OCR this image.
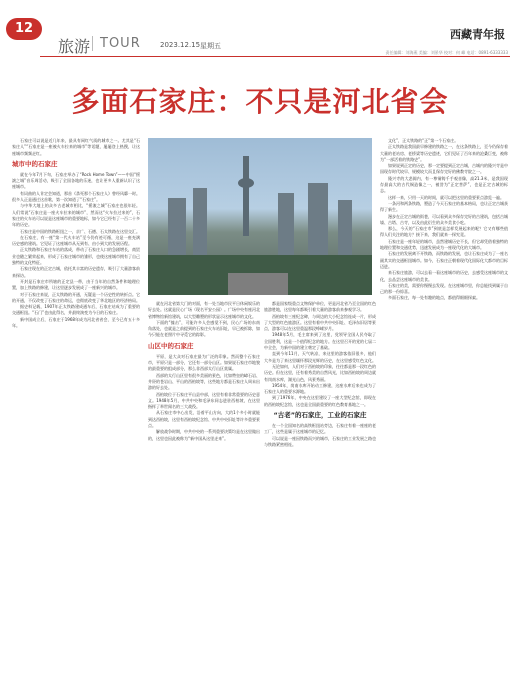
12
旅游 TOUR	2023.12.15 星期五
西藏青年报
责任编辑：刘海燕 美编：刘景华 校对：何 峰 电话：0891-6333333
多面石家庄：不只是河北省会

石家庄可以说是近几年来，最具有网红气质的城市之一。尤其是“石家庄人”“石家庄是一座被火车拉来的城市”等话题，屡屡登上热搜，让这座城市频频走红。

城市中的石家庄

就在今年7月下旬，石家庄举办了“Rock Home Town”——中国“摇滚之城”音乐周活动，吸引了全国各地的乐迷，也让更多人重新认识了这座城市。

有词曲的人肯定会知道，那首《杀死那个石家庄人》曾经风靡一时。很多人正是通过这首歌，第一次知道了“石家庄”。

与中华大地上的众多古老城市相比，“摇滚之城”石家庄也很年轻。人们常说“石家庄是一座火车拉来的城市”，然而这“火车拉过来的”，石家庄的火车站可以说是这座城市的重要地标，如今它已经有了一百二十多年的历史。

石家庄是中国的铁路枢纽之一，京广、石德、石太铁路在这里交汇。

在石家庄，有一座“第一代火车站”至今仍有迹可循，这是一座充满历史感的建筑。它见证了这座城市从无到有、由小到大的发展历程。

正太铁路和石家庄车站的落成，带动了石家庄人口的急剧增长，商贸业也随之繁荣起来，形成了石家庄城市的雏形，也使这座城市拥有了自己独特的文化特征。

石家庄现在的正定古城，依托其丰富的历史遗存，吸引了大量游客前来探访。

开封是石家庄市所辖的正定县一带，由于当年的自然条件和地理位置，加上铁路的修建，让这里逐步发展成了一座新兴的城市。

对于石家庄来说，正太铁路的开通，无疑是一个历史性的转折点。它的开通，不仅改变了石家庄的命运，也彻底改变了华北地区的经济格局。

据史料记载，1907年正太铁路建成通车后，石家庄站成为了重要的交通枢纽。“石门”也由此得名，并最终演变为今日的石家庄。

新中国成立后，石家庄于1968年成为河北省省会，至今已有五十多年。

就在河北省第大门的对面，有一处当地市民平日休闲娱乐的好去处。这就是民心广场（现名平安公园）。广场中央有座河北省博物馆新馆建筑，以大型雕塑的形状显示这座城市的文化。

下面的“撞击”，可能许多人会感觉不到，民心广场的东南角落处，也就是之前提到的石家庄火车站旧址，早已被拆除，如今只能在老照片中寻觅它的踪影。

山区中的石家庄

平原，是大众对石家庄最为广泛的印象。然而整个石家庄市，平原只是一部分，它还有一部分山区。如果说石家庄市地貌的最重要的组成部分，那么非西部太行山区莫属。

西部的太行山区里有很多美丽的景色，比如赞皇的嶂石岩、井陉的苍岩山、平山的西柏坡等，这些地方都是石家庄人周末出游的好去处。

西柏坡位于石家庄平山县中部，这里有着非常重要的历史意义。1948年5月，中共中央和毛泽东同志进驻西柏坡，在这里指挥了举世闻名的三大战役。

从石家庄市中心出发，沿着平山方向，大约1个多小时就能到达西柏坡，这里有西柏坡纪念馆、中共中央旧址等许多重要景点。

解放战争时期，中共中央的一系列重要决策均是在这里做出的，这里也因此被称为“新中国从这里走来”。

都是国家级重点文物保护单位，更是河北省乃至全国的红色旅游胜地，这里每年都吸引着大量的游客前来参观学习。

西柏坡有三座纪念碑，与周边的大小纪念馆连成一片，形成了大型的红色旅游区。这里有着中共中央旧址、毛泽东旧居等景点，游客可以在这里重温那段峥嵘岁月。

1948年5月，毛主席来到了这里，党领导全国人民夺取了全国胜利，这是一个值得纪念的地方。在这里召开的党的七届二中全会，为新中国的建立奠定了基础。

直到今年11月，天气转凉，来这里的游客依旧很多，他们大多是为了来这里缅怀那段光辉的历史，在这里感受红色文化。

无论如何，人们对于西柏坡的印象，往往都是那一段红色的历史。但在这里，还有着秀美的自然风光，比如西柏坡的周边就有岗南水库，湖光山色，风景秀丽。

1954年，岗南水库开始动工修建，这座水库后来也成为了石家庄人的重要水源地。

到了1976年，中央在这里建设了一座大型纪念馆，即现在的西柏坡纪念馆，这也是全国最重要的红色教育基地之一。

“古老”的石家庄，工业的石家庄

在一个全国知名的高铁枢纽站旁边，石家庄有着一座座的老工厂，这些是属于这座城市的记忆。

可以说是一座因铁路而兴的城市，石家庄的工业发展之路也与铁路紧密相连。

文化”，正太铁路的“正”第一个石家庄。

正太铁路是我国最早修建的铁路之一，在这条铁路上，至今仍保存着大量的老站房、老桥梁等历史遗迹，它们见证了百年来的沧桑巨变，被称为“一部活着的铁路史”。

如果说到正定的历史，那一定要提到正定古城，古城内的隆兴寺是中国现存时代较早、规模较大而且保存完好的佛教寺院之一。

隆兴寺的大悲阁内，有一尊铜铸千手观音像，高21.3米，是我国现存最高大的古代铜造像之一，被誉为“正定菩萨”，也是正定古城的标志。

这样一来，只用一天的时间，就可以把这里的重要景点游览一遍。

一条河和两条铁路，塑造了今天石家庄的基本格局，也让正定古城获得了新生。

漫步在正定古城的街巷，可以看到众多保存完好的古建筑，包括古城墙、古塔、古寺，以及由此衍生的众多美食小吃。

那么，今天的“石家庄市”到底是怎样发展起来的呢？它又有哪些值得人们关注的地方？接下来，我们就来一探究竟。

石家庄是一座年轻的城市，虽然建城历史不长，但它却凭借着独特的地理位置和交通优势，迅速发展成为一座现代化的大城市。

石家庄的发展离不开铁路，而铁路的发展，也让石家庄成为了一座名副其实的交通枢纽城市。如今，石家庄正朝着现代化国际化大都市的目标迈进。

来石家庄旅游，可以去看一看这座城市的历史，去感受这座城市的文化，去品尝这座城市的美食。

石家庄的美，需要你慢慢去发现。在这座城市里，你总能找到属于自己的那一份惊喜。

多面石家庄，每一处有趣的地点，都值得细细探索。
